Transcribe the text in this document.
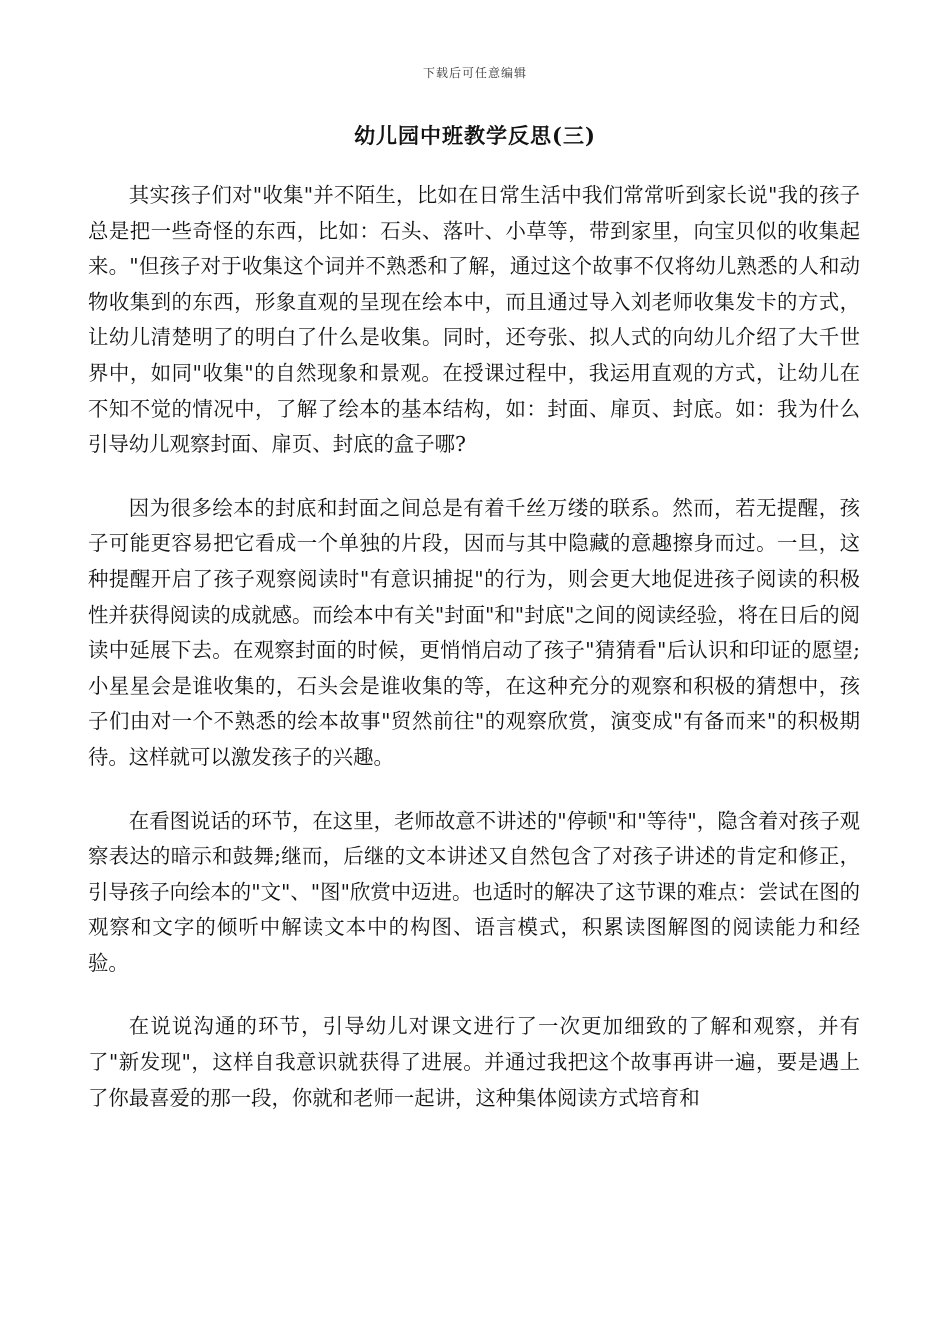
下载后可任意编辑
幼儿园中班教学反思(三)

其实孩子们对"收集"并不陌生，比如在日常生活中我们常常听到家长说"我的孩子总是把一些奇怪的东西，比如：石头、落叶、小草等，带到家里，向宝贝似的收集起来。"但孩子对于收集这个词并不熟悉和了解，通过这个故事不仅将幼儿熟悉的人和动物收集到的东西，形象直观的呈现在绘本中，而且通过导入刘老师收集发卡的方式，让幼儿清楚明了的明白了什么是收集。同时，还夸张、拟人式的向幼儿介绍了大千世界中，如同"收集"的自然现象和景观。在授课过程中，我运用直观的方式，让幼儿在不知不觉的情况中，了解了绘本的基本结构，如：封面、扉页、封底。如：我为什么引导幼儿观察封面、扉页、封底的盒子哪?

因为很多绘本的封底和封面之间总是有着千丝万缕的联系。然而，若无提醒，孩子可能更容易把它看成一个单独的片段，因而与其中隐藏的意趣擦身而过。一旦，这种提醒开启了孩子观察阅读时"有意识捕捉"的行为，则会更大地促进孩子阅读的积极性并获得阅读的成就感。而绘本中有关"封面"和"封底"之间的阅读经验，将在日后的阅读中延展下去。在观察封面的时候，更悄悄启动了孩子"猜猜看"后认识和印证的愿望;小星星会是谁收集的，石头会是谁收集的等，在这种充分的观察和积极的猜想中，孩子们由对一个不熟悉的绘本故事"贸然前往"的观察欣赏，演变成"有备而来"的积极期待。这样就可以激发孩子的兴趣。

在看图说话的环节，在这里，老师故意不讲述的"停顿"和"等待"，隐含着对孩子观察表达的暗示和鼓舞;继而，后继的文本讲述又自然包含了对孩子讲述的肯定和修正，引导孩子向绘本的"文"、"图"欣赏中迈进。也适时的解决了这节课的难点：尝试在图的观察和文字的倾听中解读文本中的构图、语言模式，积累读图解图的阅读能力和经验。

在说说沟通的环节，引导幼儿对课文进行了一次更加细致的了解和观察，并有了"新发现"，这样自我意识就获得了进展。并通过我把这个故事再讲一遍，要是遇上了你最喜爱的那一段，你就和老师一起讲，这种集体阅读方式培育和
